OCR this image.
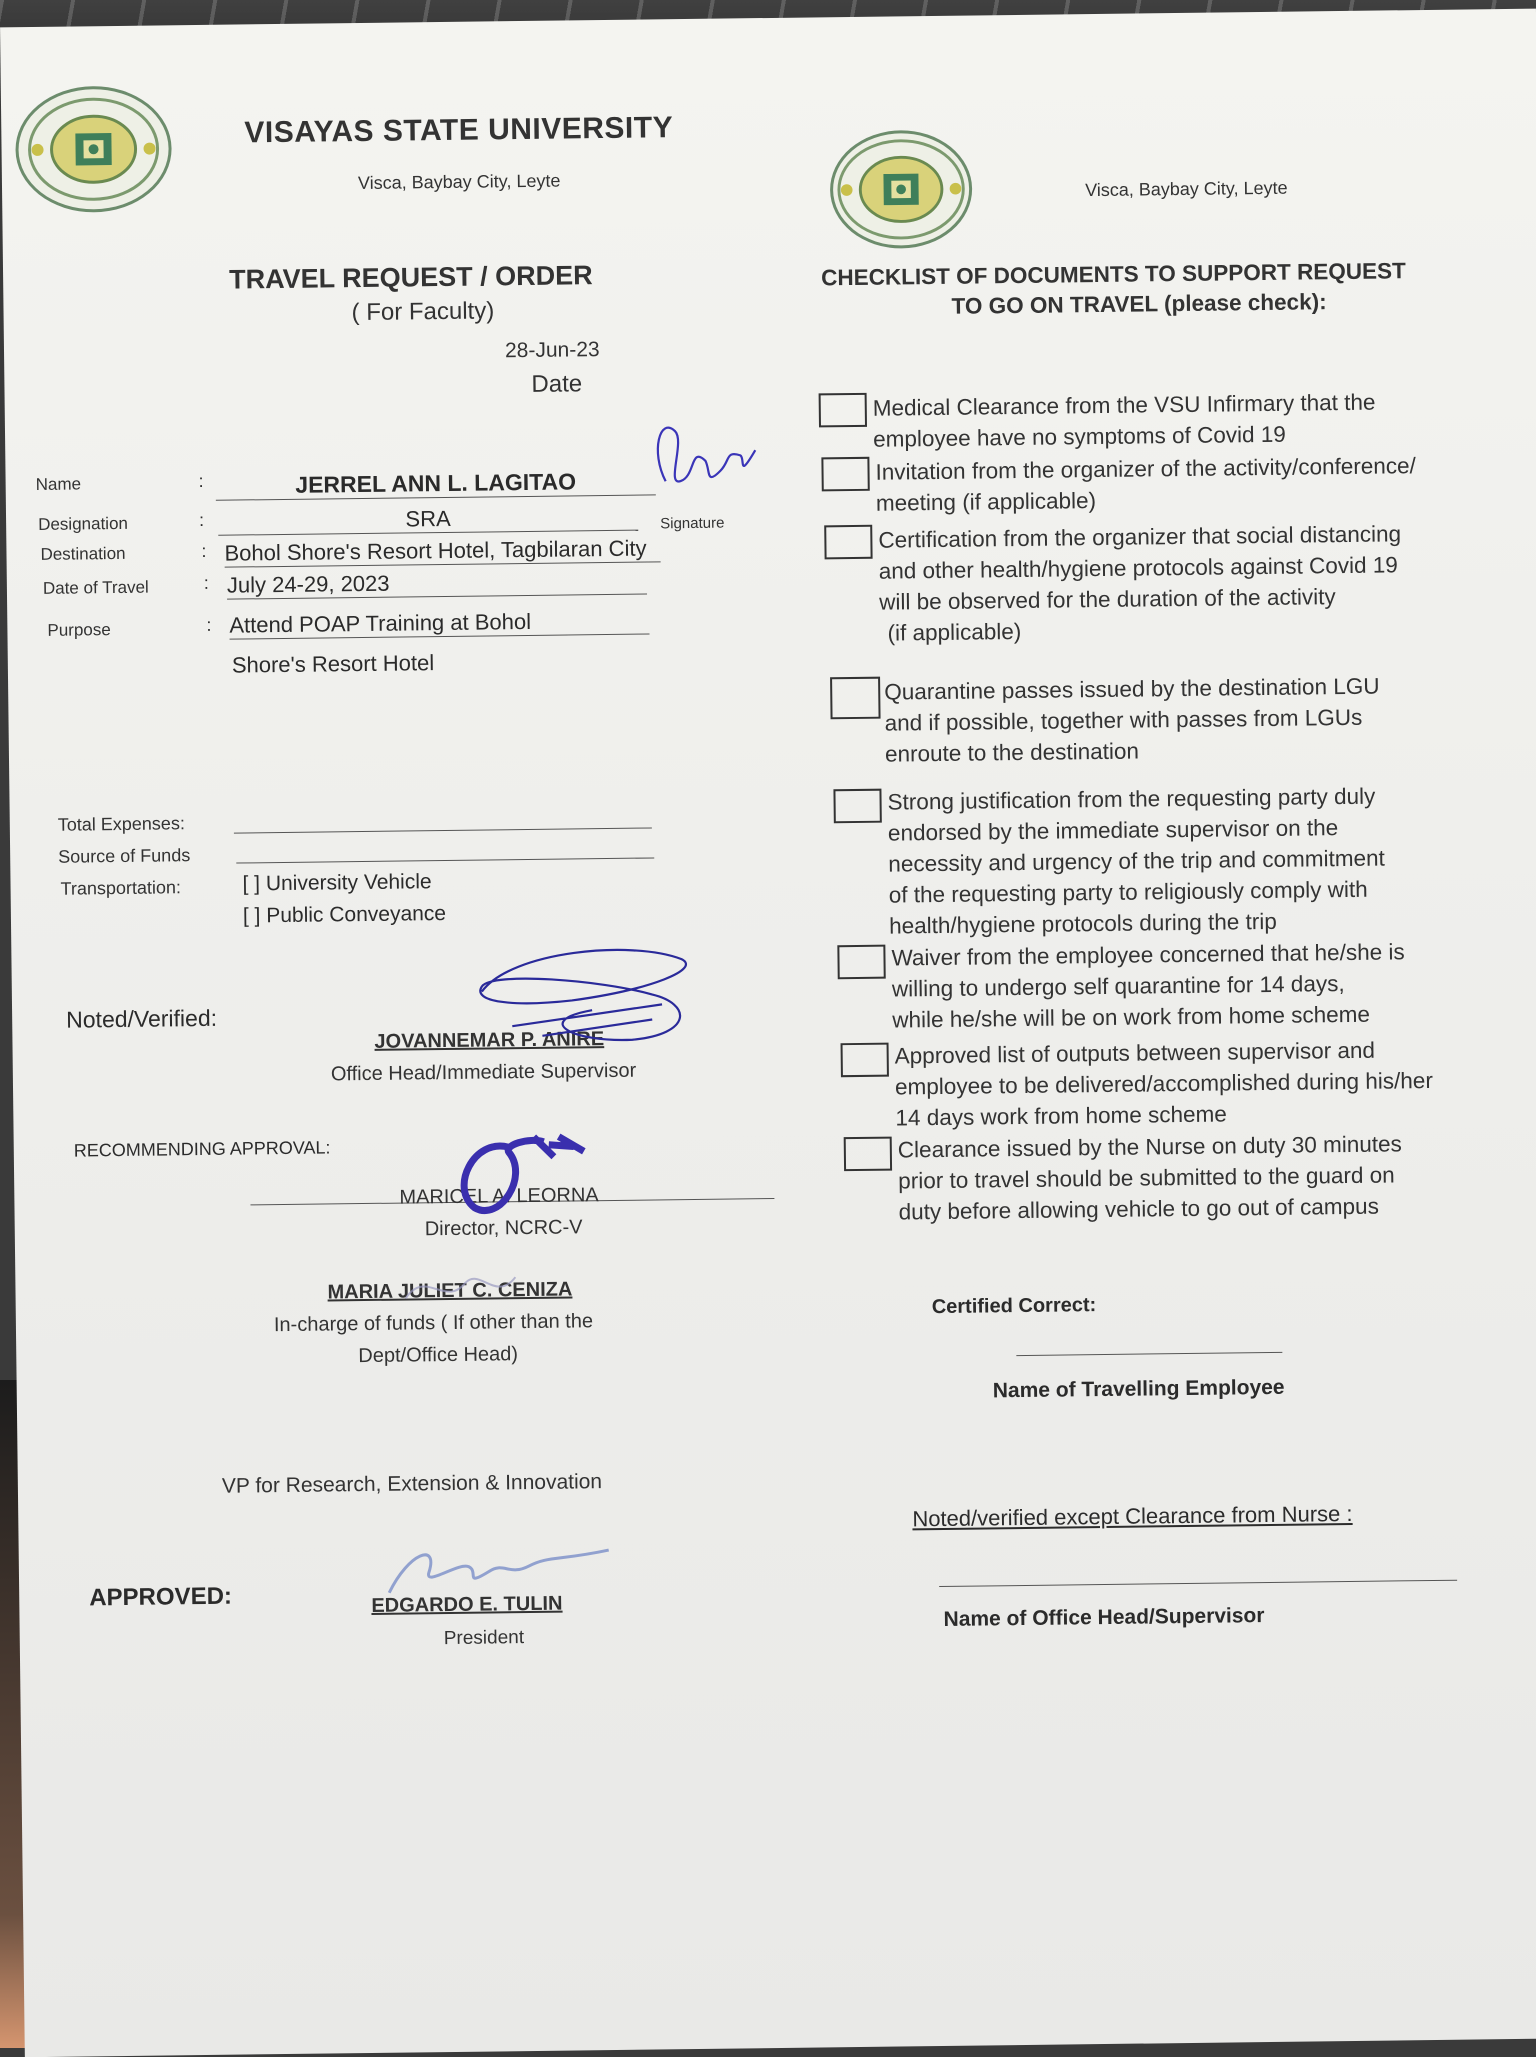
VISAYAS STATE UNIVERSITY
Visca, Baybay City, Leyte	Visca, Baybay City, Leyte
TRAVEL REQUEST / ORDER
( For Faculty)
28-Jun-23
Date
Name	:	JERREL ANN L. LAGITAO
Signature
Designation	:	SRA
Destination	: Bohol Shore's Resort Hotel, Tagbilaran City
Date of Travel	: July 24-29, 2023
Purpose	: Attend POAP Training at Bohol
Shore's Resort Hotel
Total Expenses:
Source of Funds
Transportation:	[ ] University Vehicle
[ ] Public Conveyance
Noted/Verified:
JOVANNEMAR P. ANIRE
Office Head/Immediate Supervisor
RECOMMENDING APPROVAL:
MARICEL A. LEORNA
Director, NCRC-V
MARIA JULIET C. CENIZA
In-charge of funds ( If other than the
Dept/Office Head)
VP for Research, Extension & Innovation
APPROVED:	EDGARDO E. TULIN
President
CHECKLIST OF DOCUMENTS TO SUPPORT REQUEST
TO GO ON TRAVEL (please check):
Medical Clearance from the VSU Infirmary that the
employee have no symptoms of Covid 19
Invitation from the organizer of the activity/conference/
meeting (if applicable)
Certification from the organizer that social distancing
and other health/hygiene protocols against Covid 19
will be observed for the duration of the activity
(if applicable)
Quarantine passes issued by the destination LGU
and if possible, together with passes from LGUs
enroute to the destination
Strong justification from the requesting party duly
endorsed by the immediate supervisor on the
necessity and urgency of the trip and commitment
of the requesting party to religiously comply with
health/hygiene protocols during the trip
Waiver from the employee concerned that he/she is
willing to undergo self quarantine for 14 days,
while he/she will be on work from home scheme
Approved list of outputs between supervisor and
employee to be delivered/accomplished during his/her
14 days work from home scheme
Clearance issued by the Nurse on duty 30 minutes
prior to travel should be submitted to the guard on
duty before allowing vehicle to go out of campus
Certified Correct:
Name of Travelling Employee
Noted/verified except Clearance from Nurse :
Name of Office Head/Supervisor
